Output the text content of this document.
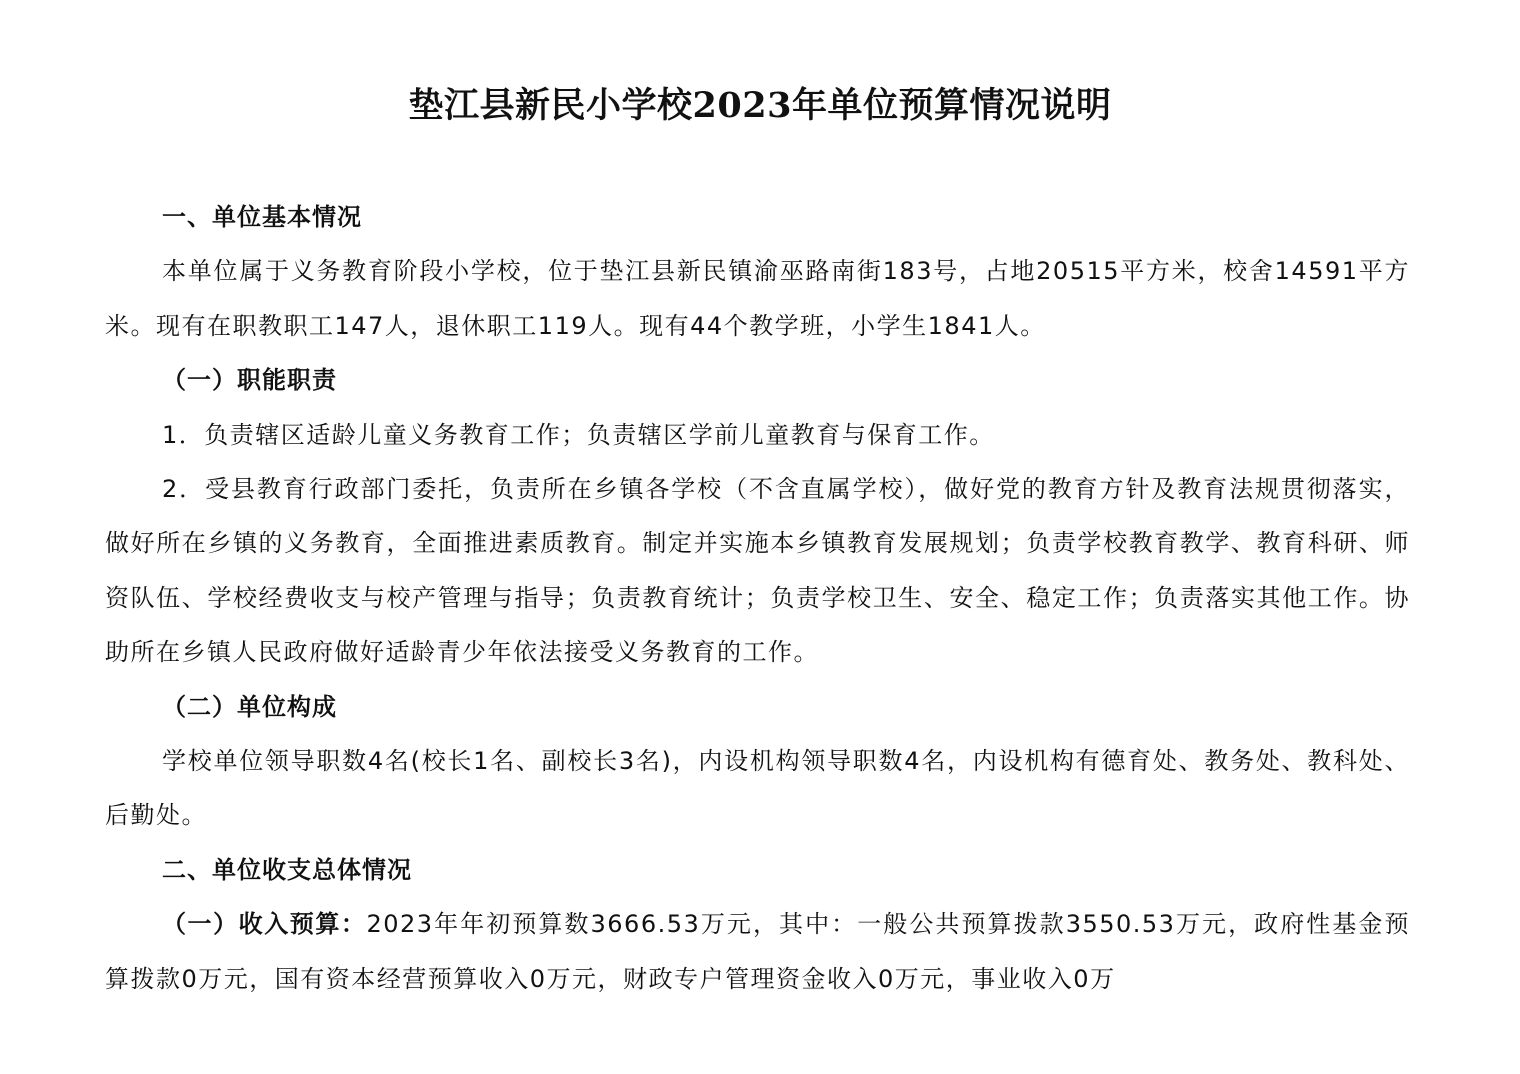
垫江县新民小学校2023年单位预算情况说明

一、单位基本情况

本单位属于义务教育阶段小学校，位于垫江县新民镇渝巫路南街183号，占地20515平方米，校舍14591平方米。现有在职教职工147人，退休职工119人。现有44个教学班，小学生1841人。

（一）职能职责

1．负责辖区适龄儿童义务教育工作；负责辖区学前儿童教育与保育工作。

2．受县教育行政部门委托，负责所在乡镇各学校（不含直属学校），做好党的教育方针及教育法规贯彻落实，做好所在乡镇的义务教育，全面推进素质教育。制定并实施本乡镇教育发展规划；负责学校教育教学、教育科研、师资队伍、学校经费收支与校产管理与指导；负责教育统计；负责学校卫生、安全、稳定工作；负责落实其他工作。协助所在乡镇人民政府做好适龄青少年依法接受义务教育的工作。

（二）单位构成

学校单位领导职数4名(校长1名、副校长3名)，内设机构领导职数4名，内设机构有德育处、教务处、教科处、后勤处。

二、单位收支总体情况

（一）收入预算：2023年年初预算数3666.53万元，其中：一般公共预算拨款3550.53万元，政府性基金预算拨款0万元，国有资本经营预算收入0万元，财政专户管理资金收入0万元，事业收入0万
